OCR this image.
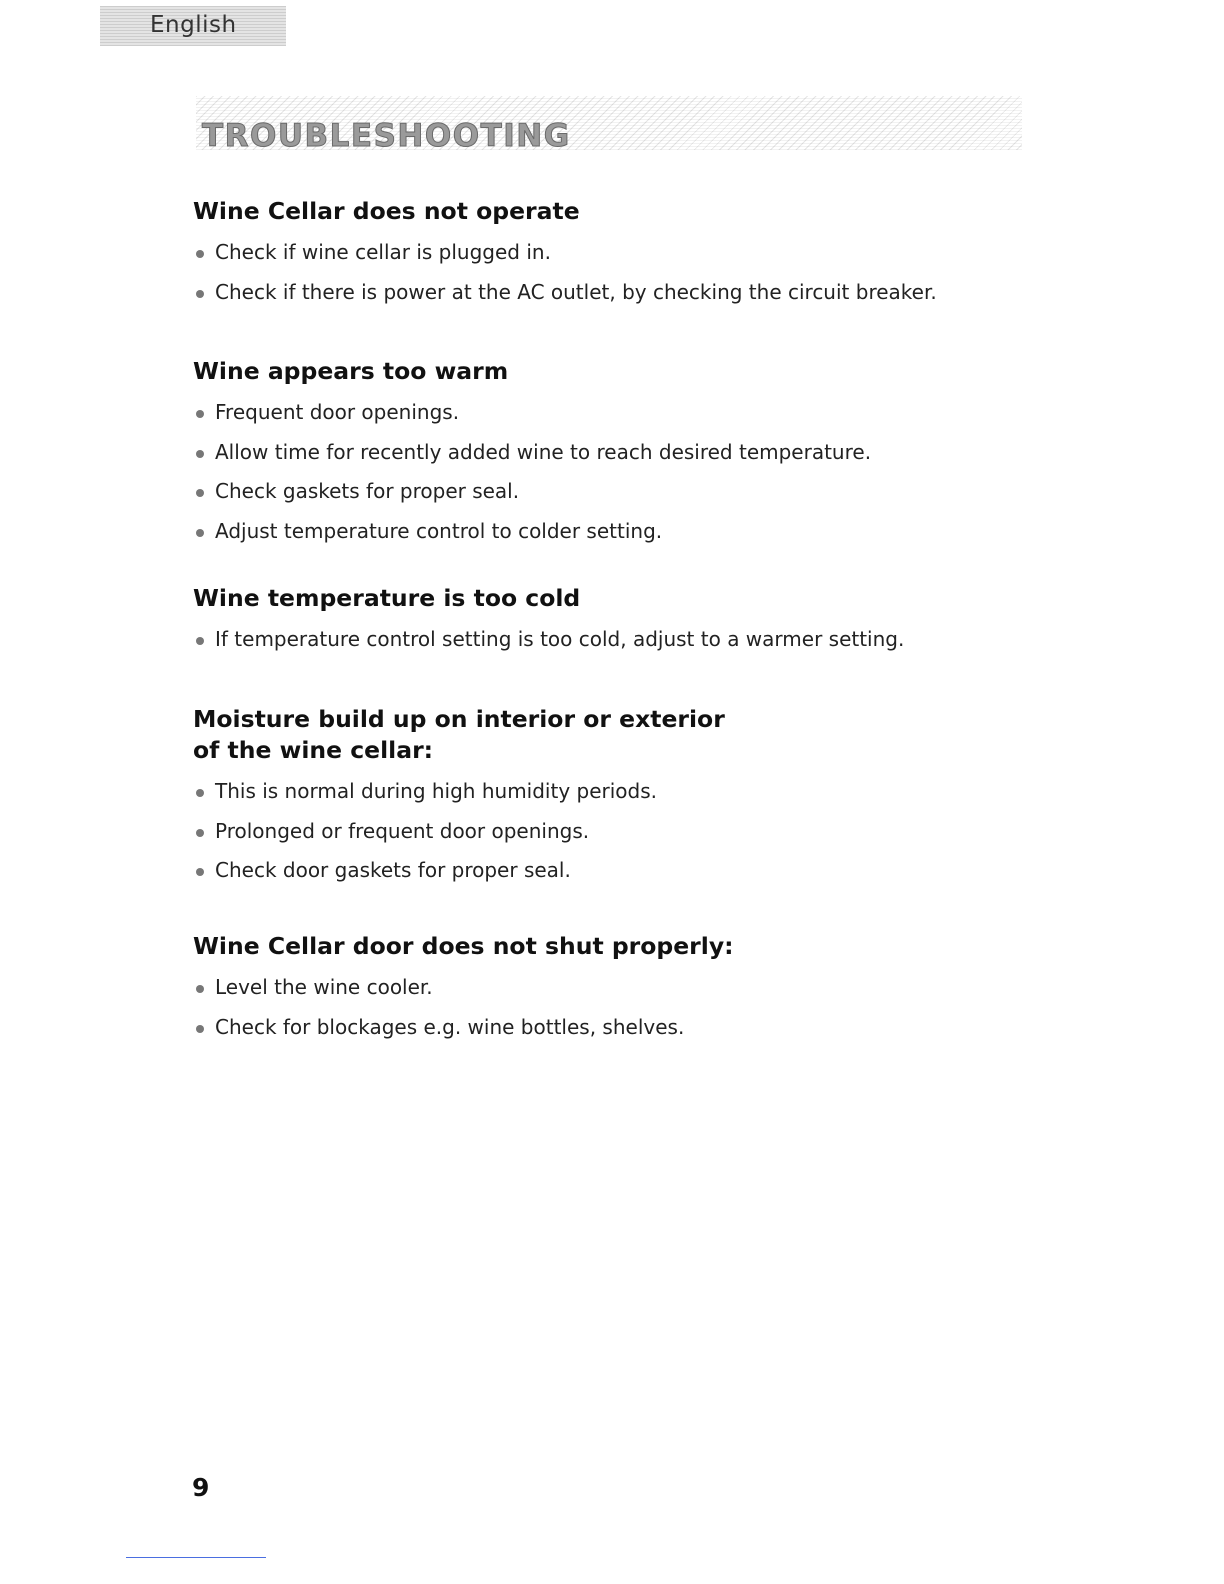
English
TROUBLESHOOTING
Wine Cellar does not operate
Check if wine cellar is plugged in.
Check if there is power at the AC outlet, by checking the circuit breaker.
Wine appears too warm
Frequent door openings.
Allow time for recently added wine to reach desired temperature.
Check gaskets for proper seal.
Adjust temperature control to colder setting.
Wine temperature is too cold
If temperature control setting is too cold, adjust to a warmer setting.
Moisture build up on interior or exterior
of the wine cellar:
This is normal during high humidity periods.
Prolonged or frequent door openings.
Check door gaskets for proper seal.
Wine Cellar door does not shut properly:
Level the wine cooler.
Check for blockages e.g. wine bottles, shelves.
9
